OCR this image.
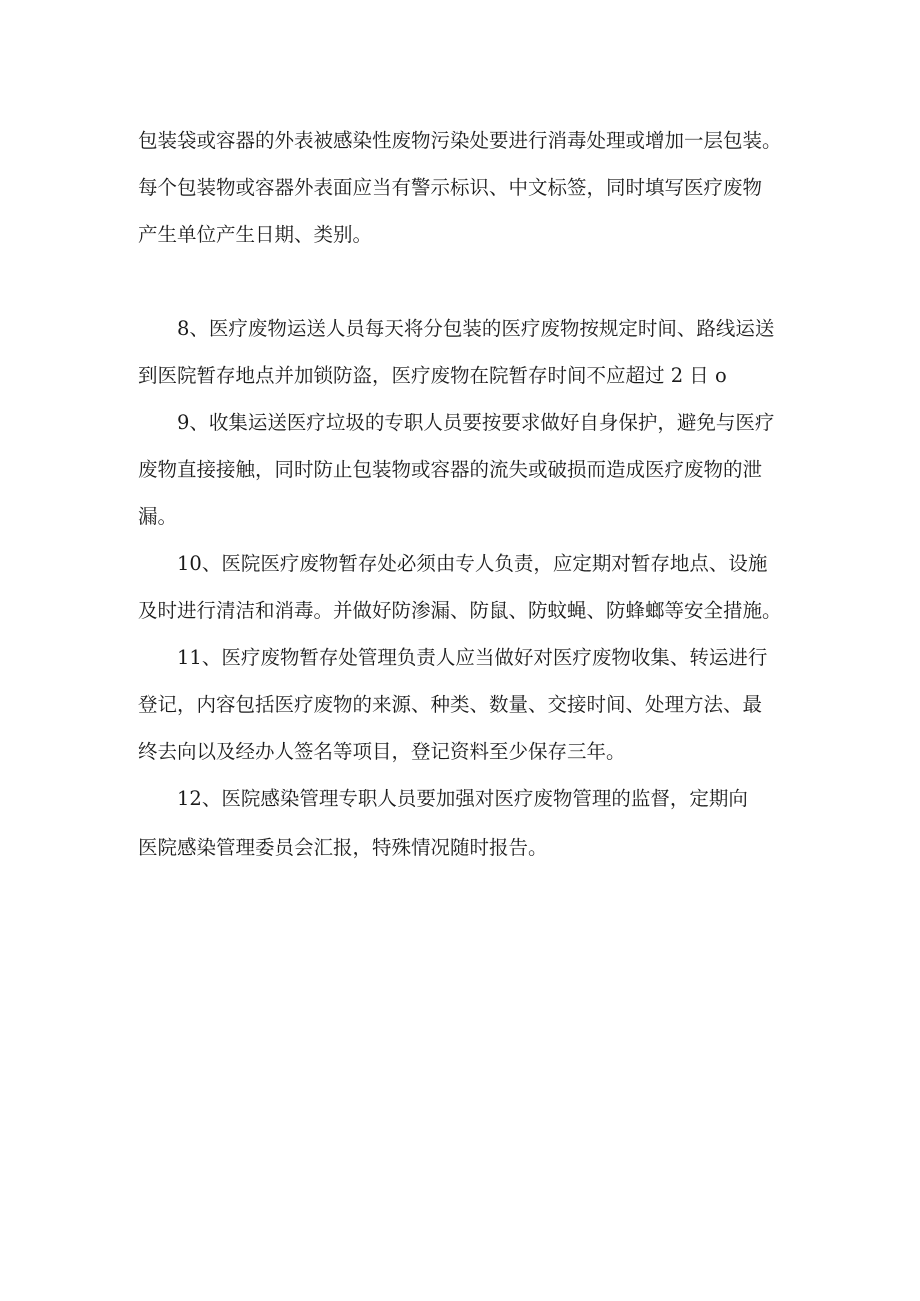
包装袋或容器的外表被感染性废物污染处要进行消毒处理或增加一层包装。
每个包装物或容器外表面应当有警示标识、中文标签，同时填写医疗废物
产生单位产生日期、类别。

8、医疗废物运送人员每天将分包装的医疗废物按规定时间、路线运送
到医院暂存地点并加锁防盗，医疗废物在院暂存时间不应超过 2 日 o

9、收集运送医疗垃圾的专职人员要按要求做好自身保护，避免与医疗
废物直接接触，同时防止包装物或容器的流失或破损而造成医疗废物的泄
漏。

10、医院医疗废物暂存处必须由专人负责，应定期对暂存地点、设施
及时进行清洁和消毒。并做好防渗漏、防鼠、防蚊蝇、防蜂螂等安全措施。

11、医疗废物暂存处管理负责人应当做好对医疗废物收集、转运进行
登记，内容包括医疗废物的来源、种类、数量、交接时间、处理方法、最
终去向以及经办人签名等项目，登记资料至少保存三年。

12、医院感染管理专职人员要加强对医疗废物管理的监督，定期向
医院感染管理委员会汇报，特殊情况随时报告。
